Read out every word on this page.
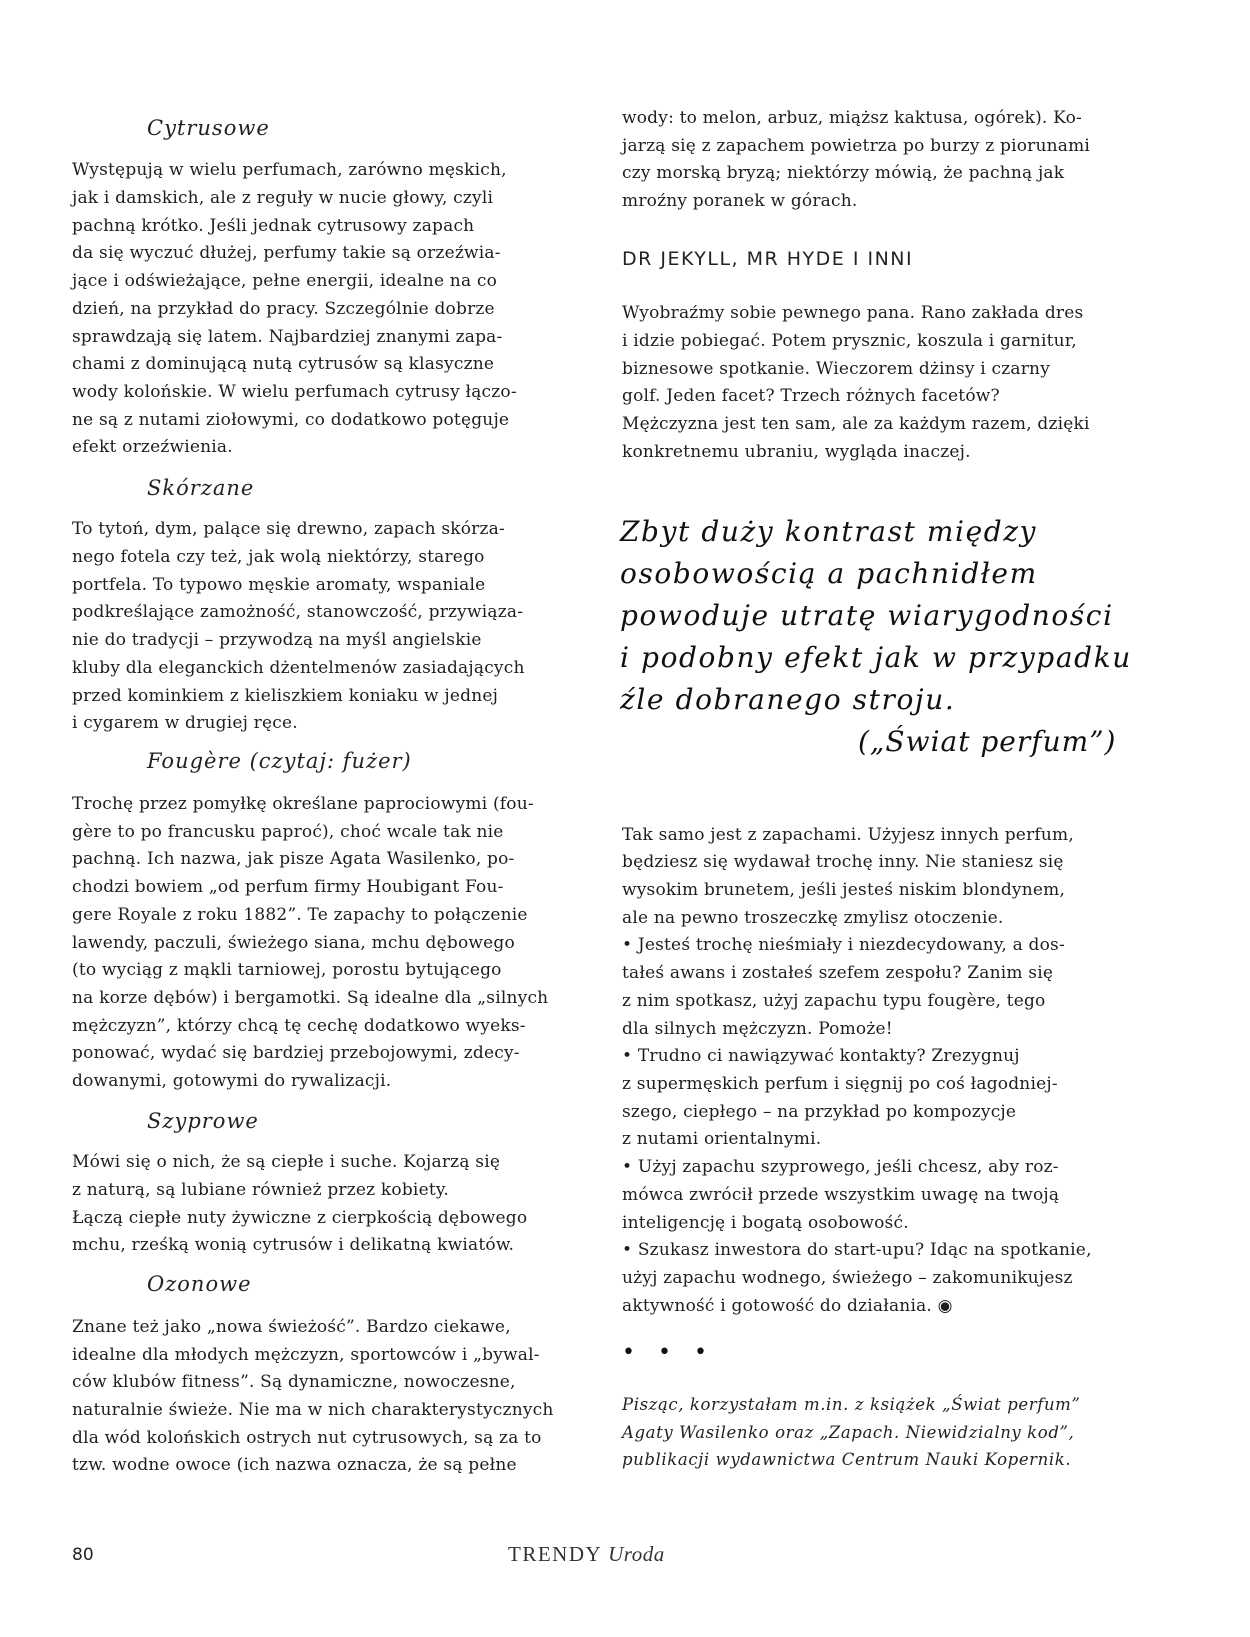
Cytrusowe

Występują w wielu perfumach, zarówno męskich,

jak i damskich, ale z reguły w nucie głowy, czyli

pachną krótko. Jeśli jednak cytrusowy zapach

da się wyczuć dłużej, perfumy takie są orzeźwia-

jące i odświeżające, pełne energii, idealne na co

dzień, na przykład do pracy. Szczególnie dobrze

sprawdzają się latem. Najbardziej znanymi zapa-

chami z dominującą nutą cytrusów są klasyczne

wody kolońskie. W wielu perfumach cytrusy łączo-

ne są z nutami ziołowymi, co dodatkowo potęguje

efekt orzeźwienia.

Skórzane

To tytoń, dym, palące się drewno, zapach skórza-

nego fotela czy też, jak wolą niektórzy, starego

portfela. To typowo męskie aromaty, wspaniale

podkreślające zamożność, stanowczość, przywiąza-

nie do tradycji – przywodzą na myśl angielskie

kluby dla eleganckich dżentelmenów zasiadających

przed kominkiem z kieliszkiem koniaku w jednej

i cygarem w drugiej ręce.

Fougère (czytaj: fużer)

Trochę przez pomyłkę określane paprociowymi (fou-

gère to po francusku paproć), choć wcale tak nie

pachną. Ich nazwa, jak pisze Agata Wasilenko, po-

chodzi bowiem „od perfum firmy Houbigant Fou-

gere Royale z roku 1882”. Te zapachy to połączenie

lawendy, paczuli, świeżego siana, mchu dębowego

(to wyciąg z mąkli tarniowej, porostu bytującego

na korze dębów) i bergamotki. Są idealne dla „silnych

mężczyzn”, którzy chcą tę cechę dodatkowo wyeks-

ponować, wydać się bardziej przebojowymi, zdecy-

dowanymi, gotowymi do rywalizacji.

Szyprowe

Mówi się o nich, że są ciepłe i suche. Kojarzą się

z naturą, są lubiane również przez kobiety.

Łączą ciepłe nuty żywiczne z cierpkością dębowego

mchu, rześką wonią cytrusów i delikatną kwiatów.

Ozonowe

Znane też jako „nowa świeżość”. Bardzo ciekawe,

idealne dla młodych mężczyzn, sportowców i „bywal-

ców klubów fitness”. Są dynamiczne, nowoczesne,

naturalnie świeże. Nie ma w nich charakterystycznych

dla wód kolońskich ostrych nut cytrusowych, są za to

tzw. wodne owoce (ich nazwa oznacza, że są pełne

wody: to melon, arbuz, miąższ kaktusa, ogórek). Ko-

jarzą się z zapachem powietrza po burzy z piorunami

czy morską bryzą; niektórzy mówią, że pachną jak

mroźny poranek w górach.

DR JEKYLL, MR HYDE I INNI

Wyobraźmy sobie pewnego pana. Rano zakłada dres

i idzie pobiegać. Potem prysznic, koszula i garnitur,

biznesowe spotkanie. Wieczorem dżinsy i czarny

golf. Jeden facet? Trzech różnych facetów?

Mężczyzna jest ten sam, ale za każdym razem, dzięki

konkretnemu ubraniu, wygląda inaczej.

Zbyt duży kontrast między

osobowością a pachnidłem

powoduje utratę wiarygodności

i podobny efekt jak w przypadku

źle dobranego stroju.

(„Świat perfum”)

Tak samo jest z zapachami. Użyjesz innych perfum,

będziesz się wydawał trochę inny. Nie staniesz się

wysokim brunetem, jeśli jesteś niskim blondynem,

ale na pewno troszeczkę zmylisz otoczenie.

• Jesteś trochę nieśmiały i niezdecydowany, a dos-

tałeś awans i zostałeś szefem zespołu? Zanim się

z nim spotkasz, użyj zapachu typu fougère, tego

dla silnych mężczyzn. Pomoże!

• Trudno ci nawiązywać kontakty? Zrezygnuj

z supermęskich perfum i sięgnij po coś łagodniej-

szego, ciepłego – na przykład po kompozycje

z nutami orientalnymi.

• Użyj zapachu szyprowego, jeśli chcesz, aby roz-

mówca zwrócił przede wszystkim uwagę na twoją

inteligencję i bogatą osobowość.

• Szukasz inwestora do start-upu? Idąc na spotkanie,

użyj zapachu wodnego, świeżego – zakomunikujesz

aktywność i gotowość do działania. ◉

• • •

Pisząc, korzystałam m.in. z książek „Świat perfum”

Agaty Wasilenko oraz „Zapach. Niewidzialny kod”,

publikacji wydawnictwa Centrum Nauki Kopernik.

80	TRENDY Uroda
